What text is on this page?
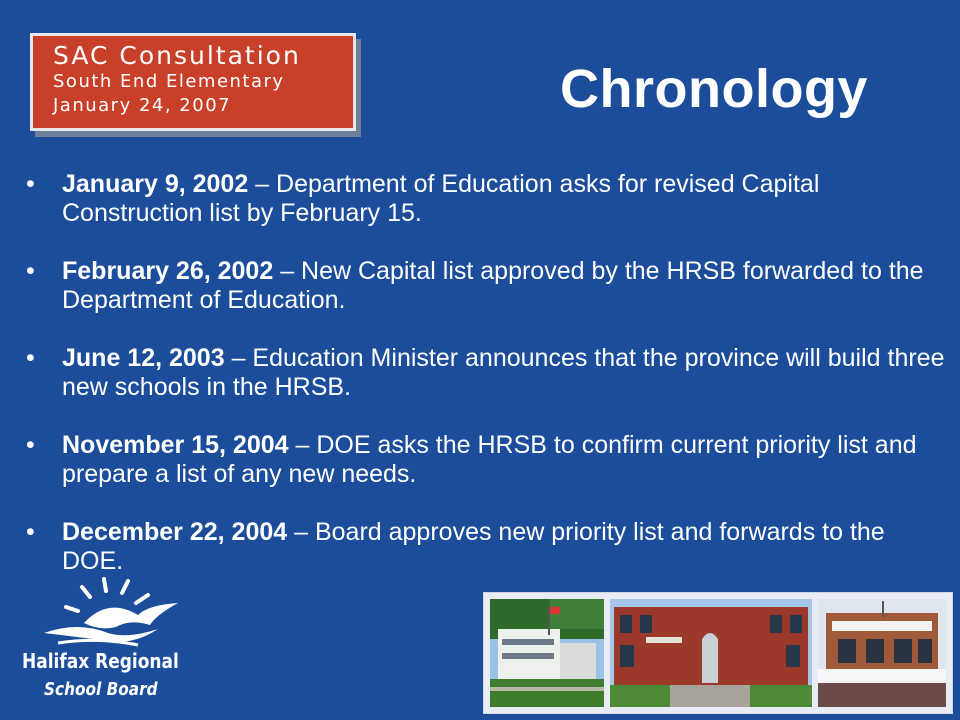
SAC Consultation
South End Elementary
January 24, 2007	Chronology
• January 9, 2002 – Department of Education asks for revised Capital Construction list by February 15.
• February 26, 2002 – New Capital list approved by the HRSB forwarded to the Department of Education.
• June 12, 2003 – Education Minister announces that the province will build three new schools in the HRSB.
• November 15, 2004 – DOE asks the HRSB to confirm current priority list and prepare a list of any new needs.
• December 22, 2004 – Board approves new priority list and forwards to the DOE.
Halifax Regional
School Board
